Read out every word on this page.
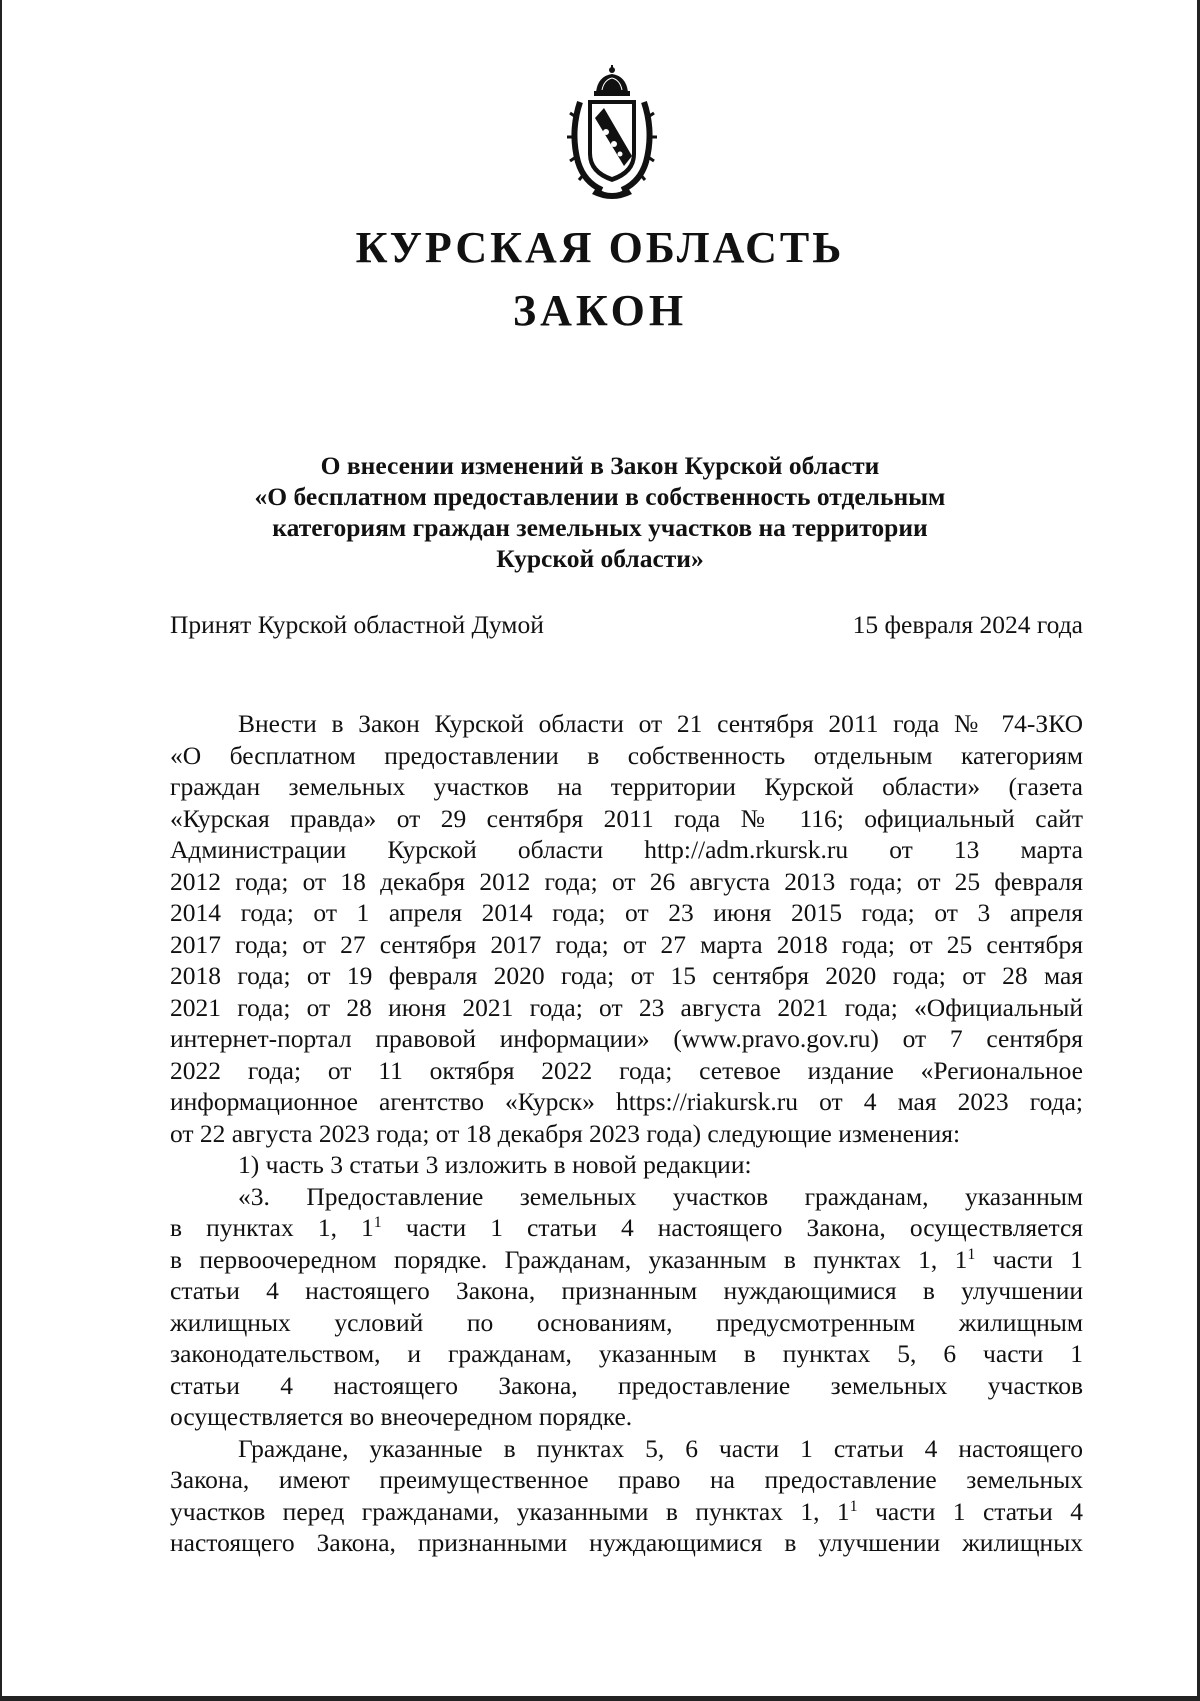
КУРСКАЯ ОБЛАСТЬ
ЗАКОН
О внесении изменений в Закон Курской области
«О бесплатном предоставлении в собственность отдельным
категориям граждан земельных участков на территории
Курской области»
Принят Курской областной Думой	15 февраля 2024 года
Внести в Закон Курской области от 21 сентября 2011 года № 74-ЗКО
«О бесплатном предоставлении в собственность отдельным категориям
граждан земельных участков на территории Курской области» (газета
«Курская правда» от 29 сентября 2011 года № 116; официальный сайт
Администрации Курской области http://adm.rkursk.ru от 13 марта
2012 года; от 18 декабря 2012 года; от 26 августа 2013 года; от 25 февраля
2014 года; от 1 апреля 2014 года; от 23 июня 2015 года; от 3 апреля
2017 года; от 27 сентября 2017 года; от 27 марта 2018 года; от 25 сентября
2018 года; от 19 февраля 2020 года; от 15 сентября 2020 года; от 28 мая
2021 года; от 28 июня 2021 года; от 23 августа 2021 года; «Официальный
интернет-портал правовой информации» (www.pravo.gov.ru) от 7 сентября
2022 года; от 11 октября 2022 года; сетевое издание «Региональное
информационное агентство «Курск» https://riakursk.ru от 4 мая 2023 года;
от 22 августа 2023 года; от 18 декабря 2023 года) следующие изменения:
1) часть 3 статьи 3 изложить в новой редакции:
«3. Предоставление земельных участков гражданам, указанным
в пунктах 1, $1^1$ части 1 статьи 4 настоящего Закона, осуществляется
в первоочередном порядке. Гражданам, указанным в пунктах 1, $1^1$ части 1
статьи 4 настоящего Закона, признанным нуждающимися в улучшении
жилищных условий по основаниям, предусмотренным жилищным
законодательством, и гражданам, указанным в пунктах 5, 6 части 1
статьи 4 настоящего Закона, предоставление земельных участков
осуществляется во внеочередном порядке.
Граждане, указанные в пунктах 5, 6 части 1 статьи 4 настоящего
Закона, имеют преимущественное право на предоставление земельных
участков перед гражданами, указанными в пунктах 1, $1^1$ части 1 статьи 4
настоящего Закона, признанными нуждающимися в улучшении жилищных
